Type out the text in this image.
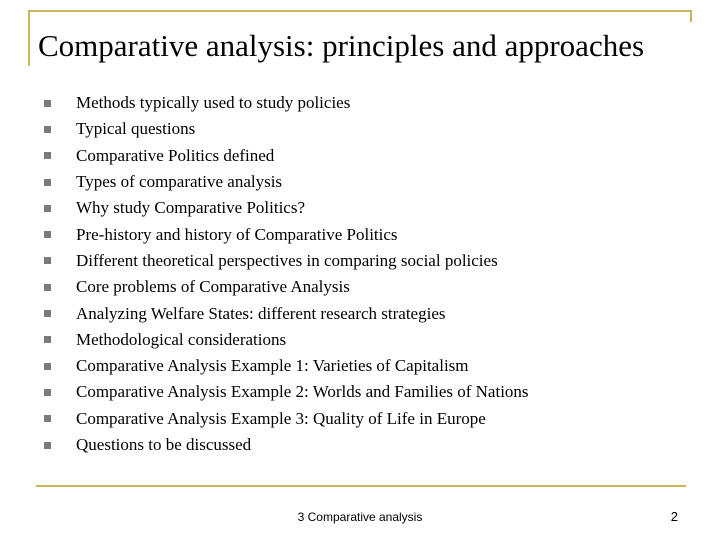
Comparative analysis: principles and approaches
Methods typically used to study policies
Typical questions
Comparative Politics defined
Types of comparative analysis
Why study Comparative Politics?
Pre-history and history of Comparative Politics
Different theoretical perspectives in comparing social policies
Core problems of Comparative Analysis
Analyzing Welfare States: different research strategies
Methodological considerations
Comparative Analysis Example 1: Varieties of Capitalism
Comparative Analysis Example 2: Worlds and Families of Nations
Comparative Analysis Example 3: Quality of Life in Europe
Questions to be discussed
3 Comparative analysis	2
